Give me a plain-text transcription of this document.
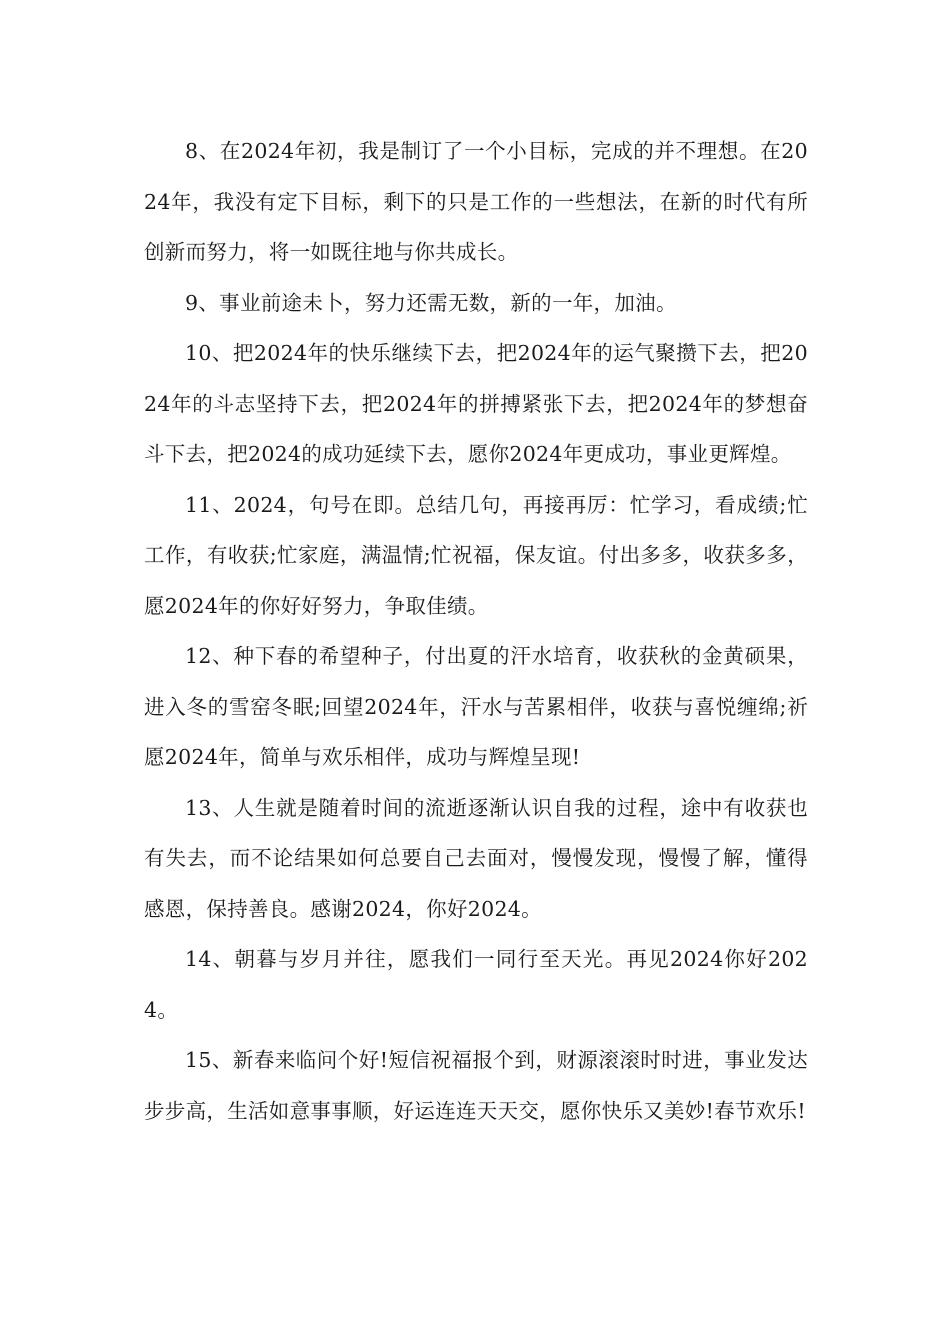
8、在2024年初，我是制订了一个小目标，完成的并不理想。在2024年，我没有定下目标，剩下的只是工作的一些想法，在新的时代有所创新而努力，将一如既往地与你共成长。

9、事业前途未卜，努力还需无数，新的一年，加油。

10、把2024年的快乐继续下去，把2024年的运气聚攒下去，把2024年的斗志坚持下去，把2024年的拼搏紧张下去，把2024年的梦想奋斗下去，把2024的成功延续下去，愿你2024年更成功，事业更辉煌。

11、2024，句号在即。总结几句，再接再厉：忙学习，看成绩;忙工作，有收获;忙家庭，满温情;忙祝福，保友谊。付出多多，收获多多，愿2024年的你好好努力，争取佳绩。

12、种下春的希望种子，付出夏的汗水培育，收获秋的金黄硕果，进入冬的雪窑冬眠;回望2024年，汗水与苦累相伴，收获与喜悦缠绵;祈愿2024年，简单与欢乐相伴，成功与辉煌呈现!

13、人生就是随着时间的流逝逐渐认识自我的过程，途中有收获也有失去，而不论结果如何总要自己去面对，慢慢发现，慢慢了解，懂得感恩，保持善良。感谢2024，你好2024。

14、朝暮与岁月并往，愿我们一同行至天光。再见2024你好2024。

15、新春来临问个好!短信祝福报个到，财源滚滚时时进，事业发达步步高，生活如意事事顺，好运连连天天交，愿你快乐又美妙!春节欢乐!
